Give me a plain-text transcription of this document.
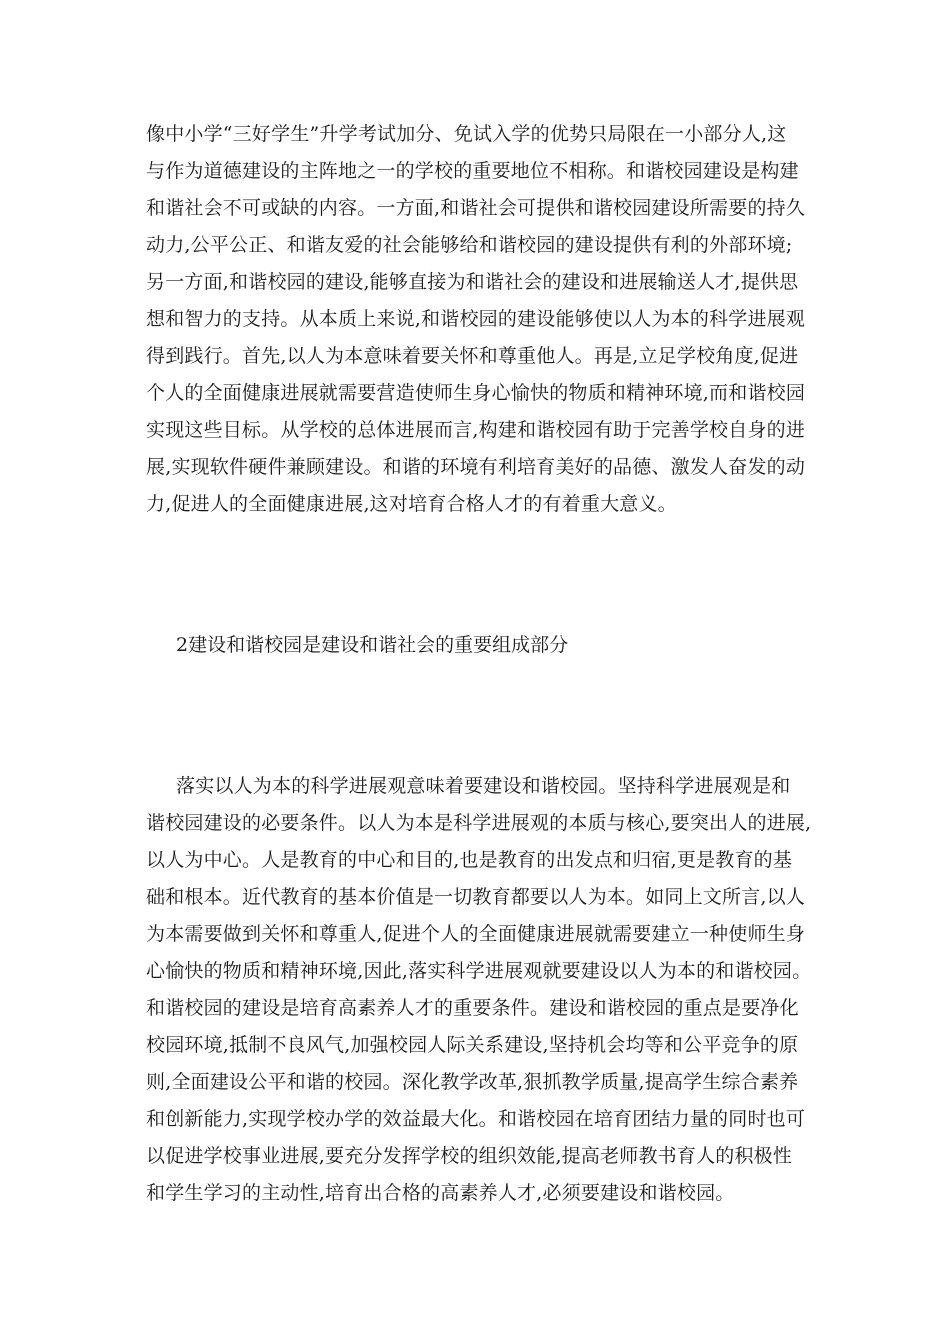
像中小学“三好学生”升学考试加分、免试入学的优势只局限在一小部分人,这
与作为道德建设的主阵地之一的学校的重要地位不相称。和谐校园建设是构建
和谐社会不可或缺的内容。一方面,和谐社会可提供和谐校园建设所需要的持久
动力,公平公正、和谐友爱的社会能够给和谐校园的建设提供有利的外部环境;
另一方面,和谐校园的建设,能够直接为和谐社会的建设和进展输送人才,提供思
想和智力的支持。从本质上来说,和谐校园的建设能够使以人为本的科学进展观
得到践行。首先,以人为本意味着要关怀和尊重他人。再是,立足学校角度,促进
个人的全面健康进展就需要营造使师生身心愉快的物质和精神环境,而和谐校园
实现这些目标。从学校的总体进展而言,构建和谐校园有助于完善学校自身的进
展,实现软件硬件兼顾建设。和谐的环境有利培育美好的品德、激发人奋发的动
力,促进人的全面健康进展,这对培育合格人才的有着重大意义。
2建设和谐校园是建设和谐社会的重要组成部分
落实以人为本的科学进展观意味着要建设和谐校园。坚持科学进展观是和
谐校园建设的必要条件。以人为本是科学进展观的本质与核心,要突出人的进展,
以人为中心。人是教育的中心和目的,也是教育的出发点和归宿,更是教育的基
础和根本。近代教育的基本价值是一切教育都要以人为本。如同上文所言,以人
为本需要做到关怀和尊重人,促进个人的全面健康进展就需要建立一种使师生身
心愉快的物质和精神环境,因此,落实科学进展观就要建设以人为本的和谐校园。
和谐校园的建设是培育高素养人才的重要条件。建设和谐校园的重点是要净化
校园环境,抵制不良风气,加强校园人际关系建设,坚持机会均等和公平竞争的原
则,全面建设公平和谐的校园。深化教学改革,狠抓教学质量,提高学生综合素养
和创新能力,实现学校办学的效益最大化。和谐校园在培育团结力量的同时也可
以促进学校事业进展,要充分发挥学校的组织效能,提高老师教书育人的积极性
和学生学习的主动性,培育出合格的高素养人才,必须要建设和谐校园。
